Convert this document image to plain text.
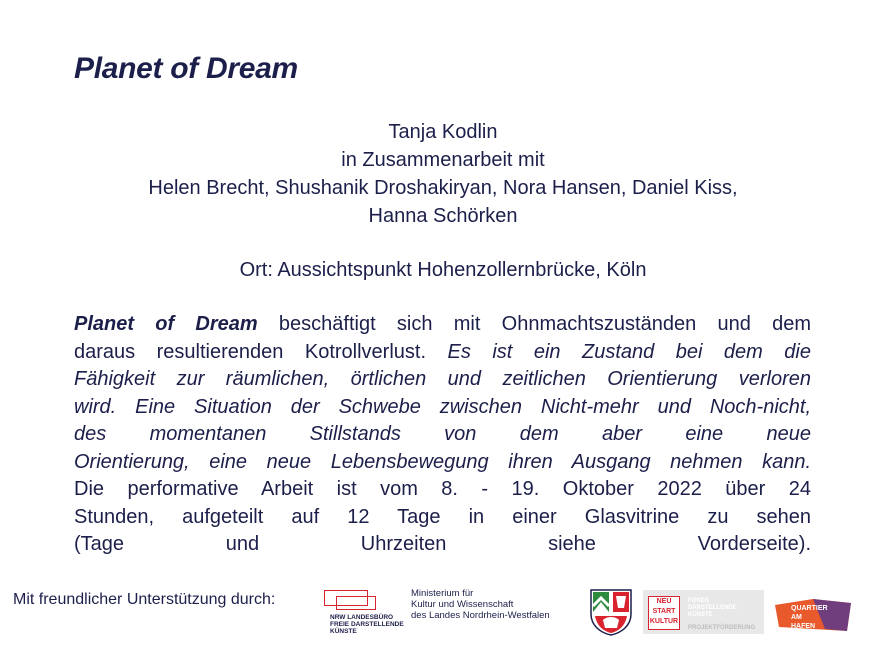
Planet of Dream
Tanja Kodlin
in Zusammenarbeit mit
Helen Brecht, Shushanik Droshakiryan, Nora Hansen, Daniel Kiss,
Hanna Schörken
Ort: Aussichtspunkt Hohenzollernbrücke, Köln
Planet of Dream beschäftigt sich mit Ohnmachtszuständen und dem
daraus resultierenden Kotrollverlust. Es ist ein Zustand bei dem die
Fähigkeit zur räumlichen, örtlichen und zeitlichen Orientierung verloren
wird. Eine Situation der Schwebe zwischen Nicht-mehr und Noch-nicht,
des momentanen Stillstands von dem aber eine neue
Orientierung, eine neue Lebensbewegung ihren Ausgang nehmen kann.
Die performative Arbeit ist vom 8. - 19. Oktober 2022 über 24
Stunden, aufgeteilt auf 12 Tage in einer Glasvitrine zu sehen
(Tage und Uhrzeiten siehe Vorderseite).
Mit freundlicher Unterstützung durch:
NRW LANDESBÜRO
FREIE DARSTELLENDE
KÜNSTE
Ministerium für
Kultur und Wissenschaft
des Landes Nordrhein-Westfalen
NEU
START
KULTUR
FONDS
DARSTELLENDE
KÜNSTE
PROJEKTFÖRDERUNG
QUARTIER
AM
HAFEN
